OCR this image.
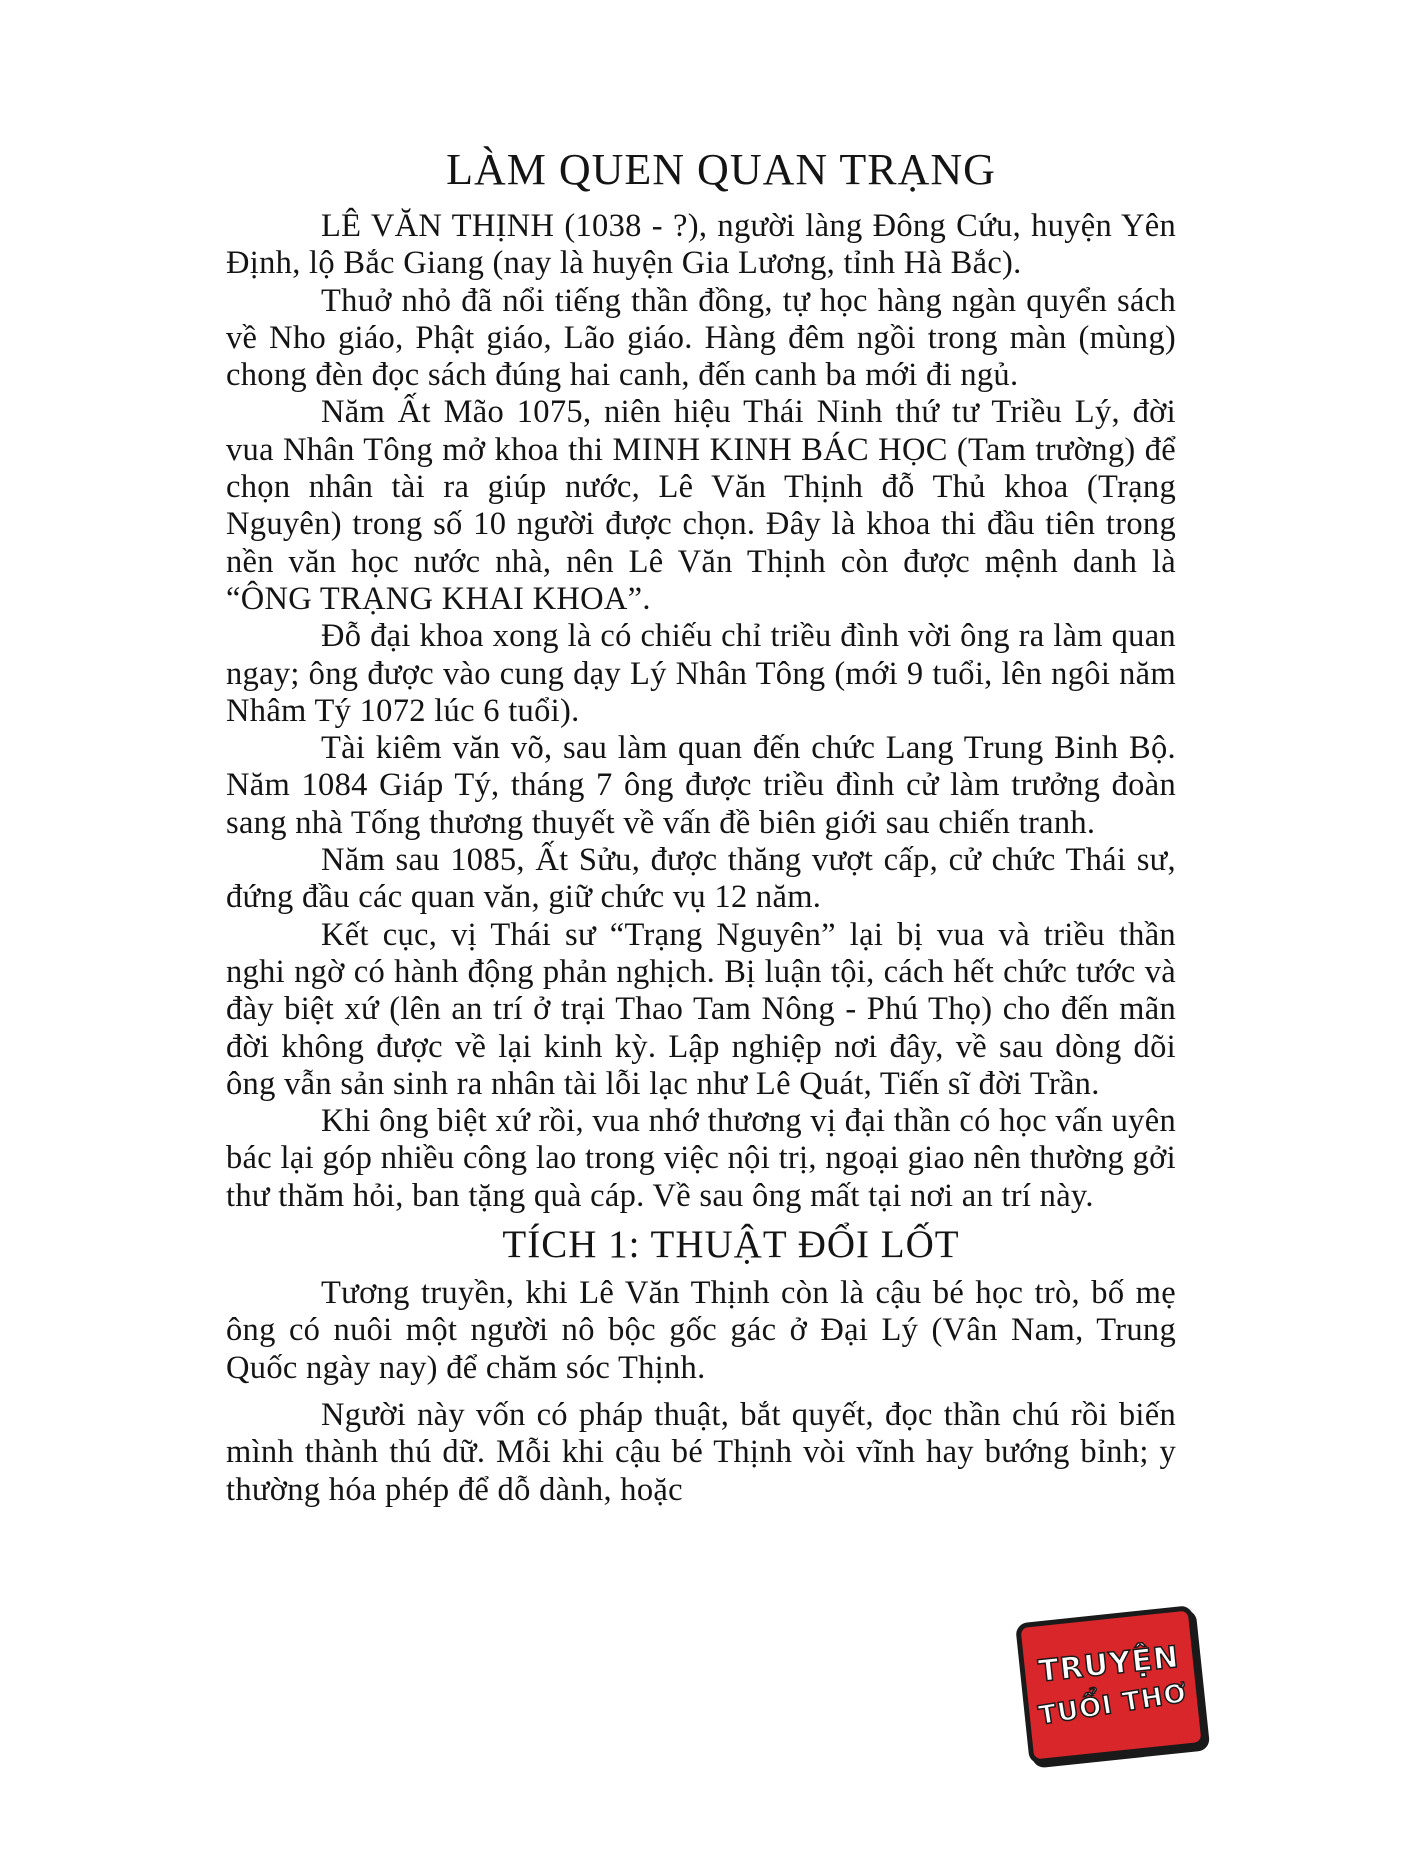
LÀM QUEN QUAN TRẠNG

LÊ VĂN THỊNH (1038 - ?), người làng Đông Cứu, huyện Yên Định, lộ Bắc Giang (nay là huyện Gia Lương, tỉnh Hà Bắc).

Thuở nhỏ đã nổi tiếng thần đồng, tự học hàng ngàn quyển sách về Nho giáo, Phật giáo, Lão giáo. Hàng đêm ngồi trong màn (mùng) chong đèn đọc sách đúng hai canh, đến canh ba mới đi ngủ.

Năm Ất Mão 1075, niên hiệu Thái Ninh thứ tư Triều Lý, đời vua Nhân Tông mở khoa thi MINH KINH BÁC HỌC (Tam trường) để chọn nhân tài ra giúp nước, Lê Văn Thịnh đỗ Thủ khoa (Trạng Nguyên) trong số 10 người được chọn. Đây là khoa thi đầu tiên trong nền văn học nước nhà, nên Lê Văn Thịnh còn được mệnh danh là “ÔNG TRẠNG KHAI KHOA”.

Đỗ đại khoa xong là có chiếu chỉ triều đình vời ông ra làm quan ngay; ông được vào cung dạy Lý Nhân Tông (mới 9 tuổi, lên ngôi năm Nhâm Tý 1072 lúc 6 tuổi).

Tài kiêm văn võ, sau làm quan đến chức Lang Trung Binh Bộ. Năm 1084 Giáp Tý, tháng 7 ông được triều đình cử làm trưởng đoàn sang nhà Tống thương thuyết về vấn đề biên giới sau chiến tranh.

Năm sau 1085, Ất Sửu, được thăng vượt cấp, cử chức Thái sư, đứng đầu các quan văn, giữ chức vụ 12 năm.

Kết cục, vị Thái sư “Trạng Nguyên” lại bị vua và triều thần nghi ngờ có hành động phản nghịch. Bị luận tội, cách hết chức tước và đày biệt xứ (lên an trí ở trại Thao Tam Nông - Phú Thọ) cho đến mãn đời không được về lại kinh kỳ. Lập nghiệp nơi đây, về sau dòng dõi ông vẫn sản sinh ra nhân tài lỗi lạc như Lê Quát, Tiến sĩ đời Trần.

Khi ông biệt xứ rồi, vua nhớ thương vị đại thần có học vấn uyên bác lại góp nhiều công lao trong việc nội trị, ngoại giao nên thường gởi thư thăm hỏi, ban tặng quà cáp. Về sau ông mất tại nơi an trí này.

TÍCH 1: THUẬT ĐỔI LỐT

Tương truyền, khi Lê Văn Thịnh còn là cậu bé học trò, bố mẹ ông có nuôi một người nô bộc gốc gác ở Đại Lý (Vân Nam, Trung Quốc ngày nay) để chăm sóc Thịnh.

Người này vốn có pháp thuật, bắt quyết, đọc thần chú rồi biến mình thành thú dữ. Mỗi khi cậu bé Thịnh vòi vĩnh hay bướng bỉnh; y thường hóa phép để dỗ dành, hoặc

TRUYỆN
TUỔI THƠ
